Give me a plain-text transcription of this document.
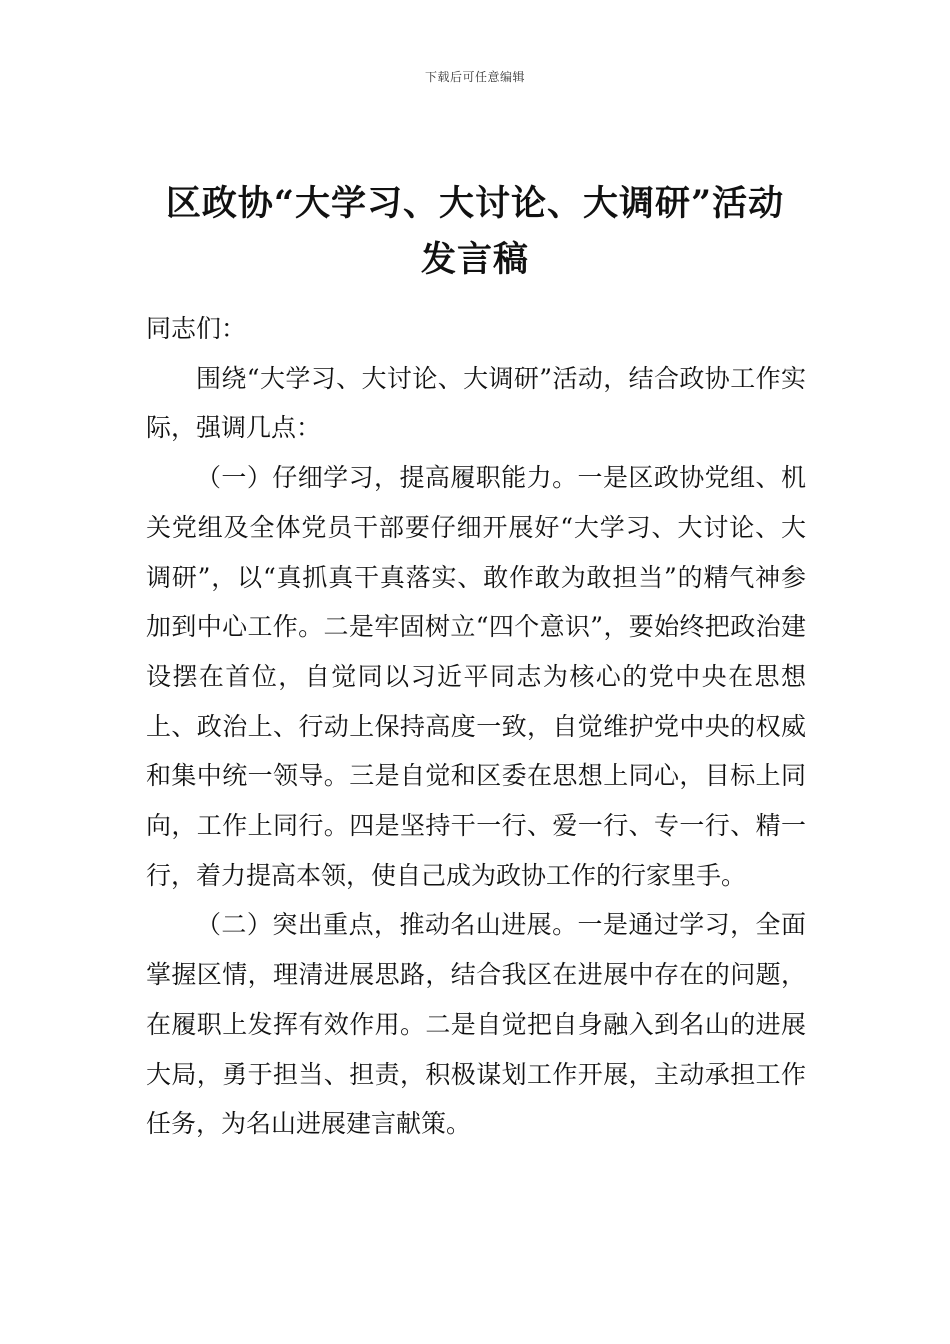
下载后可任意编辑
区政协“大学习、大讨论、大调研”活动
发言稿

同志们：

围绕“大学习、大讨论、大调研”活动，结合政协工作实际，强调几点：

（一）仔细学习，提高履职能力。一是区政协党组、机关党组及全体党员干部要仔细开展好“大学习、大讨论、大调研”，以“真抓真干真落实、敢作敢为敢担当”的精气神参加到中心工作。二是牢固树立“四个意识”，要始终把政治建设摆在首位，自觉同以习近平同志为核心的党中央在思想上、政治上、行动上保持高度一致，自觉维护党中央的权威和集中统一领导。三是自觉和区委在思想上同心，目标上同向，工作上同行。四是坚持干一行、爱一行、专一行、精一行，着力提高本领，使自己成为政协工作的行家里手。

（二）突出重点，推动名山进展。一是通过学习，全面掌握区情，理清进展思路，结合我区在进展中存在的问题，在履职上发挥有效作用。二是自觉把自身融入到名山的进展大局，勇于担当、担责，积极谋划工作开展，主动承担工作任务，为名山进展建言献策。
